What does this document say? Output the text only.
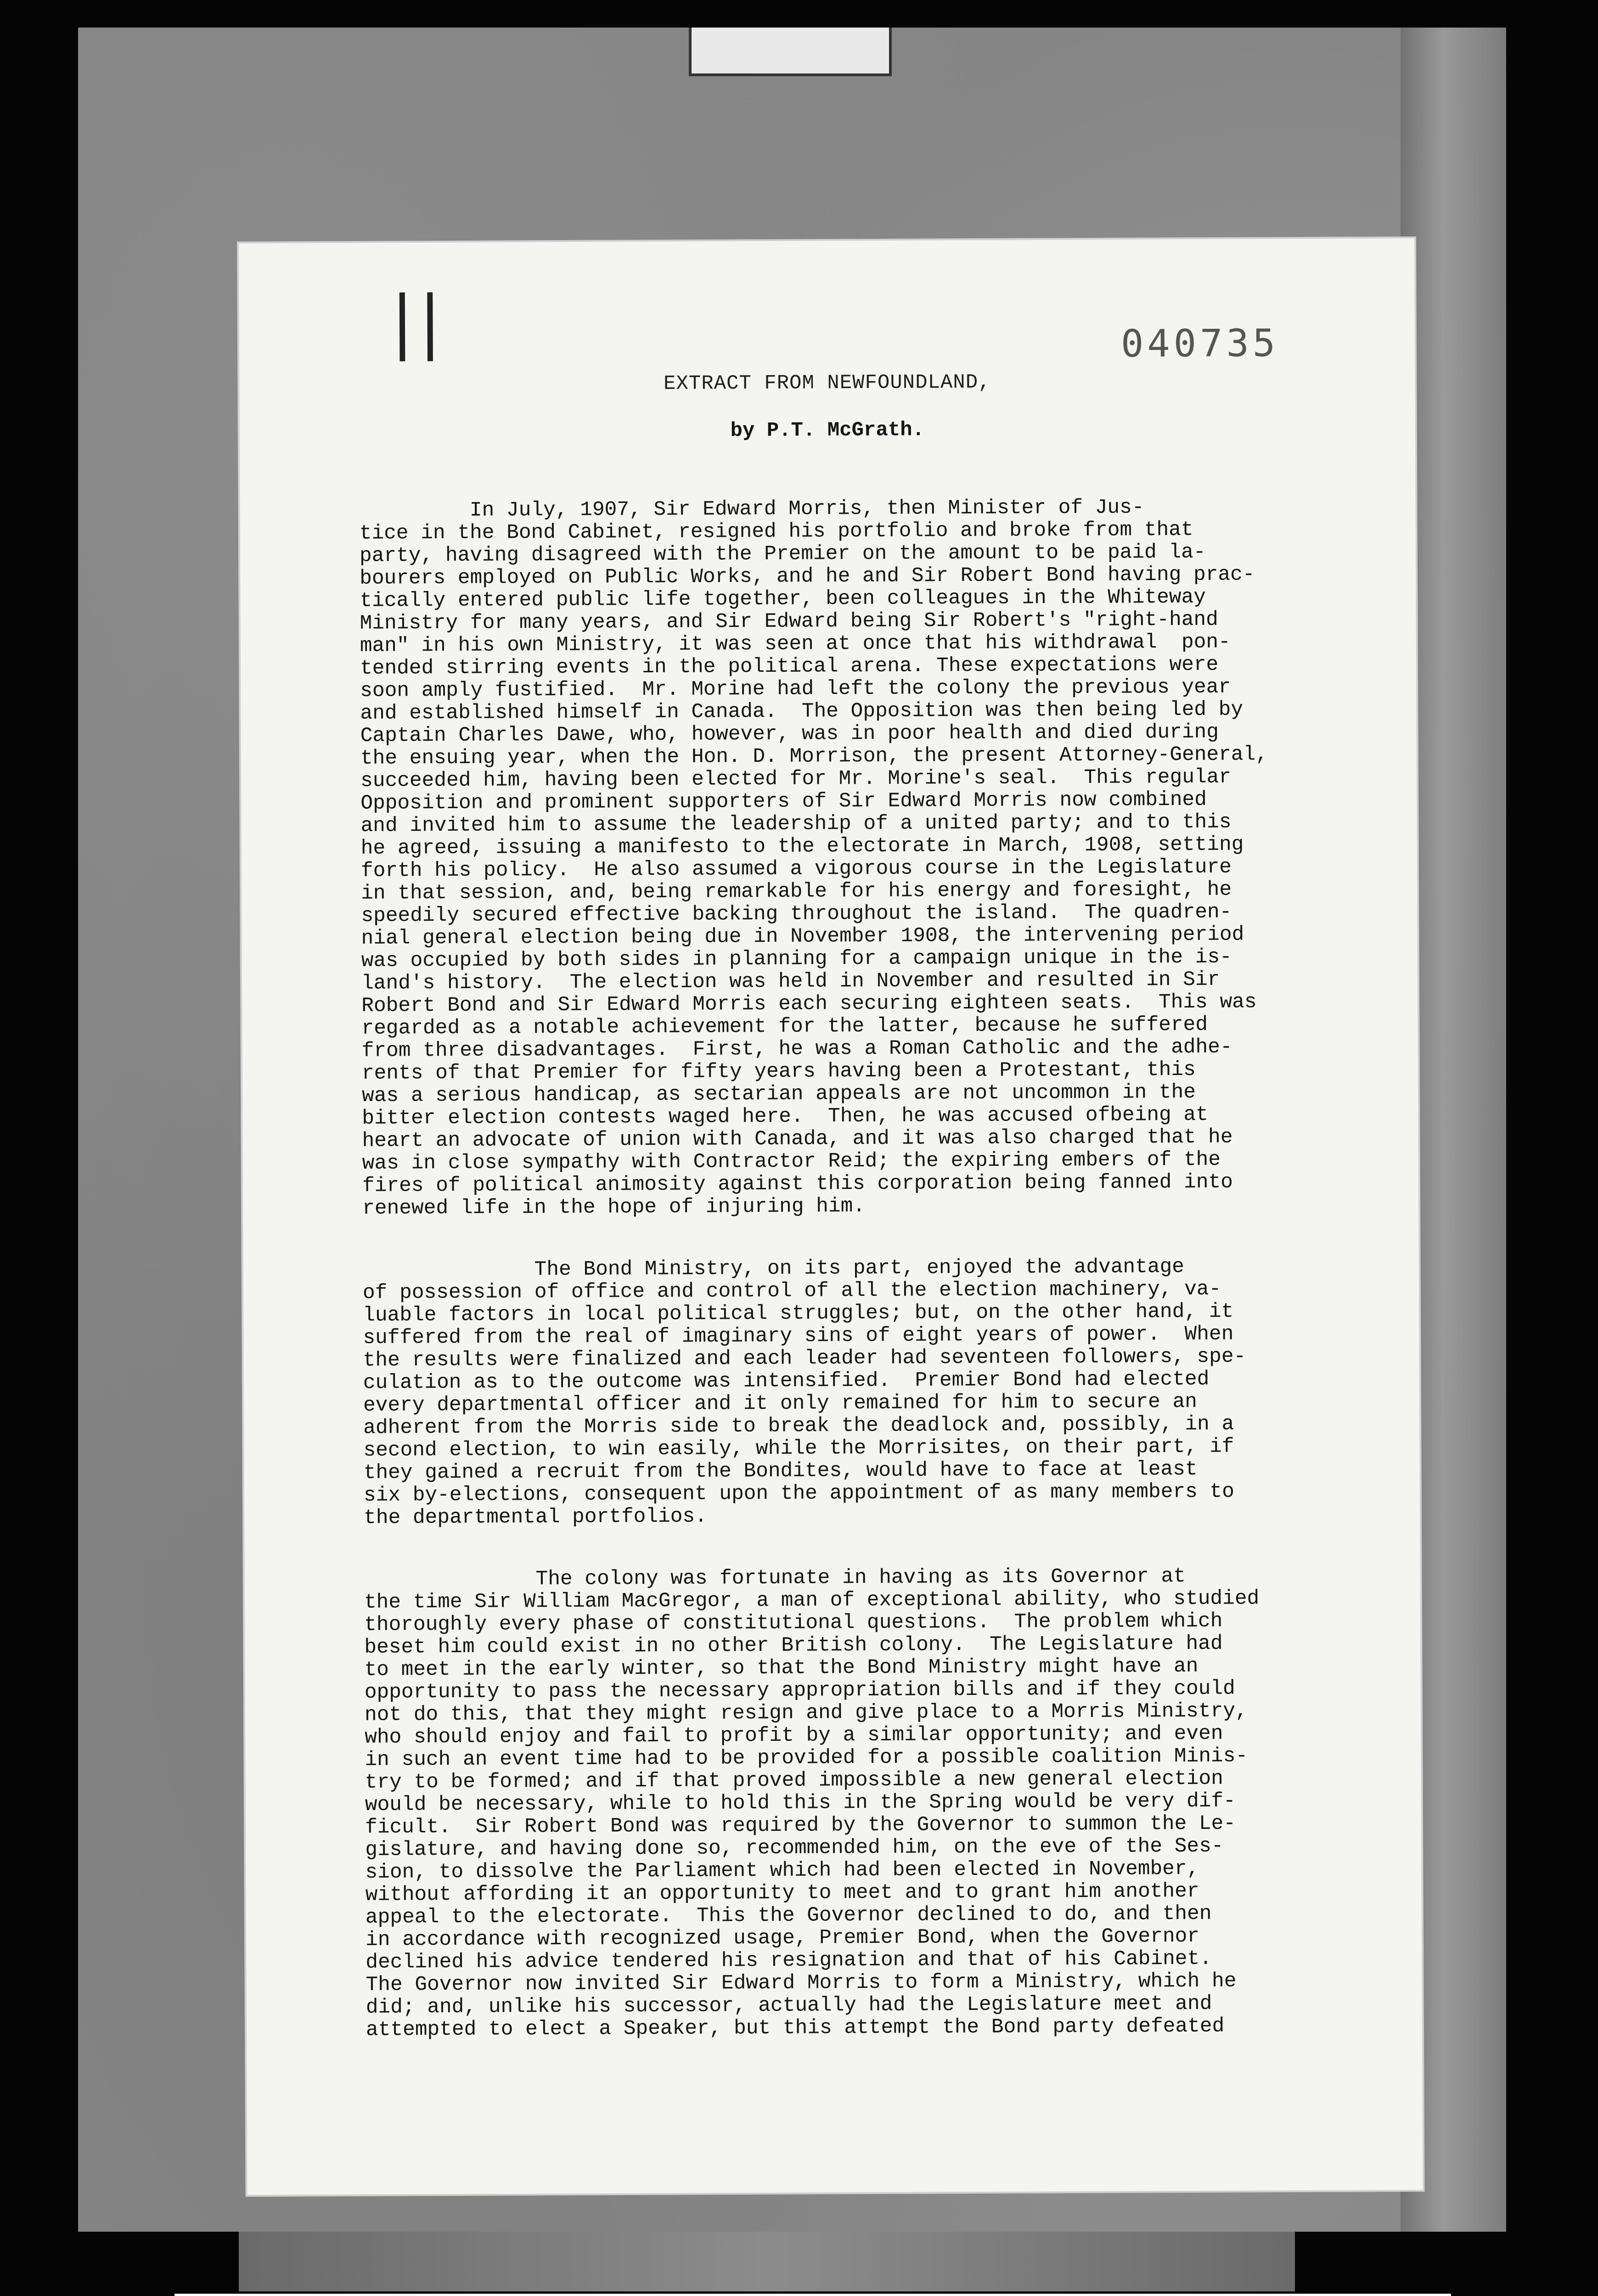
||	040735
EXTRACT FROM NEWFOUNDLAND,
by P.T. McGrath.
In July, 1907, Sir Edward Morris, then Minister of Jus-
tice in the Bond Cabinet, resigned his portfolio and broke from that
party, having disagreed with the Premier on the amount to be paid la-
bourers employed on Public Works, and he and Sir Robert Bond having prac-
tically entered public life together, been colleagues in the Whiteway
Ministry for many years, and Sir Edward being Sir Robert's "right-hand
man" in his own Ministry, it was seen at once that his withdrawal  pon-
tended stirring events in the political arena. These expectations were
soon amply fustified.  Mr. Morine had left the colony the previous year
and established himself in Canada.  The Opposition was then being led by
Captain Charles Dawe, who, however, was in poor health and died during
the ensuing year, when the Hon. D. Morrison, the present Attorney-General,
succeeded him, having been elected for Mr. Morine's seal.  This regular
Opposition and prominent supporters of Sir Edward Morris now combined
and invited him to assume the leadership of a united party; and to this
he agreed, issuing a manifesto to the electorate in March, 1908, setting
forth his policy.  He also assumed a vigorous course in the Legislature
in that session, and, being remarkable for his energy and foresight, he
speedily secured effective backing throughout the island.  The quadren-
nial general election being due in November 1908, the intervening period
was occupied by both sides in planning for a campaign unique in the is-
land's history.  The election was held in November and resulted in Sir
Robert Bond and Sir Edward Morris each securing eighteen seats.  This was
regarded as a notable achievement for the latter, because he suffered
from three disadvantages.  First, he was a Roman Catholic and the adhe-
rents of that Premier for fifty years having been a Protestant, this
was a serious handicap, as sectarian appeals are not uncommon in the
bitter election contests waged here.  Then, he was accused ofbeing at
heart an advocate of union with Canada, and it was also charged that he
was in close sympathy with Contractor Reid; the expiring embers of the
fires of political animosity against this corporation being fanned into
renewed life in the hope of injuring him.
The Bond Ministry, on its part, enjoyed the advantage
of possession of office and control of all the election machinery, va-
luable factors in local political struggles; but, on the other hand, it
suffered from the real of imaginary sins of eight years of power.  When
the results were finalized and each leader had seventeen followers, spe-
culation as to the outcome was intensified.  Premier Bond had elected
every departmental officer and it only remained for him to secure an
adherent from the Morris side to break the deadlock and, possibly, in a
second election, to win easily, while the Morrisites, on their part, if
they gained a recruit from the Bondites, would have to face at least
six by-elections, consequent upon the appointment of as many members to
the departmental portfolios.
The colony was fortunate in having as its Governor at
the time Sir William MacGregor, a man of exceptional ability, who studied
thoroughly every phase of constitutional questions.  The problem which
beset him could exist in no other British colony.  The Legislature had
to meet in the early winter, so that the Bond Ministry might have an
opportunity to pass the necessary appropriation bills and if they could
not do this, that they might resign and give place to a Morris Ministry,
who should enjoy and fail to profit by a similar opportunity; and even
in such an event time had to be provided for a possible coalition Minis-
try to be formed; and if that proved impossible a new general election
would be necessary, while to hold this in the Spring would be very dif-
ficult.  Sir Robert Bond was required by the Governor to summon the Le-
gislature, and having done so, recommended him, on the eve of the Ses-
sion, to dissolve the Parliament which had been elected in November,
without affording it an opportunity to meet and to grant him another
appeal to the electorate.  This the Governor declined to do, and then
in accordance with recognized usage, Premier Bond, when the Governor
declined his advice tendered his resignation and that of his Cabinet.
The Governor now invited Sir Edward Morris to form a Ministry, which he
did; and, unlike his successor, actually had the Legislature meet and
attempted to elect a Speaker, but this attempt the Bond party defeated
